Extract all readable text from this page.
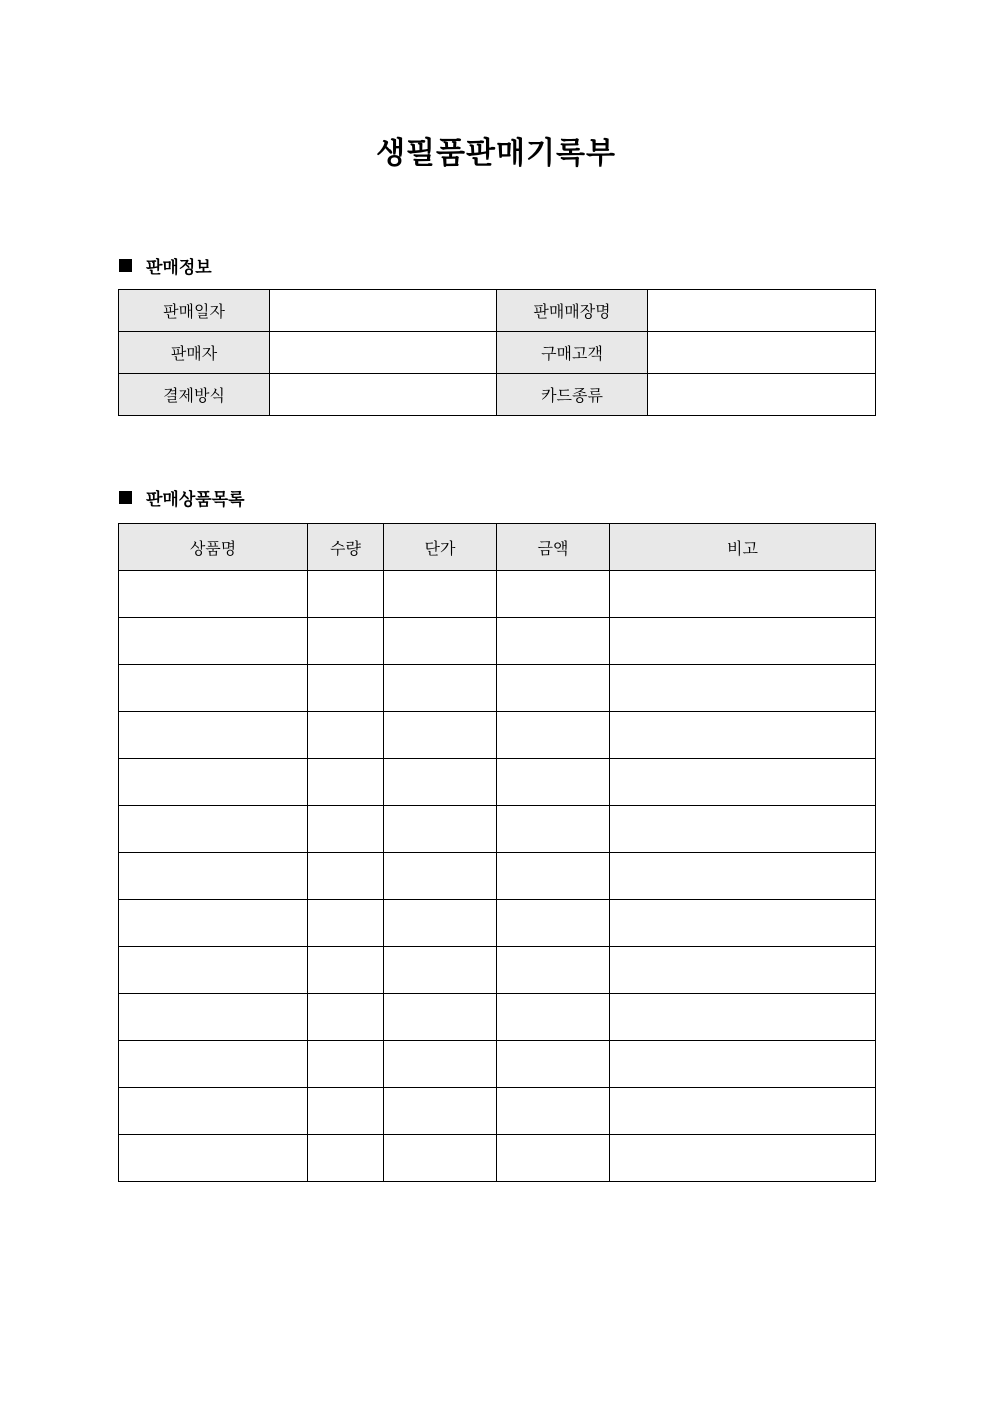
생필품판매기록부
판매정보
판매일자		판매매장명	
판매자		구매고객	
결제방식		카드종류	
판매상품목록
상품명	수량	단가	금액	비고
